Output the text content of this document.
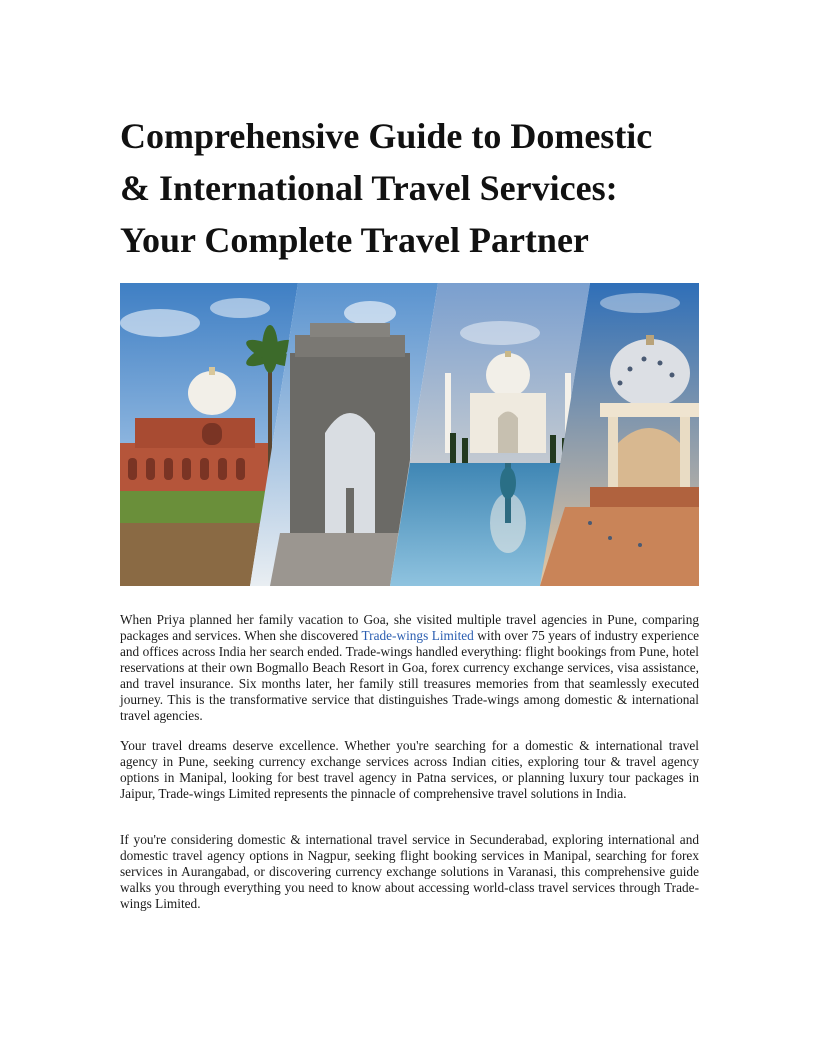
Comprehensive Guide to Domestic
& International Travel Services:
Your Complete Travel Partner

When Priya planned her family vacation to Goa, she visited multiple travel agencies in Pune, comparing packages and services. When she discovered Trade-wings Limited with over 75 years of industry experience and offices across India her search ended. Trade-wings handled everything: flight bookings from Pune, hotel reservations at their own Bogmallo Beach Resort in Goa, forex currency exchange services, visa assistance, and travel insurance. Six months later, her family still treasures memories from that seamlessly executed journey. This is the transformative service that distinguishes Trade-wings among domestic & international travel agencies.

Your travel dreams deserve excellence. Whether you're searching for a domestic & international travel agency in Pune, seeking currency exchange services across Indian cities, exploring tour & travel agency options in Manipal, looking for best travel agency in Patna services, or planning luxury tour packages in Jaipur, Trade-wings Limited represents the pinnacle of comprehensive travel solutions in India.

If you're considering domestic & international travel service in Secunderabad, exploring international and domestic travel agency options in Nagpur, seeking flight booking services in Manipal, searching for forex services in Aurangabad, or discovering currency exchange solutions in Varanasi, this comprehensive guide walks you through everything you need to know about accessing world-class travel services through Trade-wings Limited.
